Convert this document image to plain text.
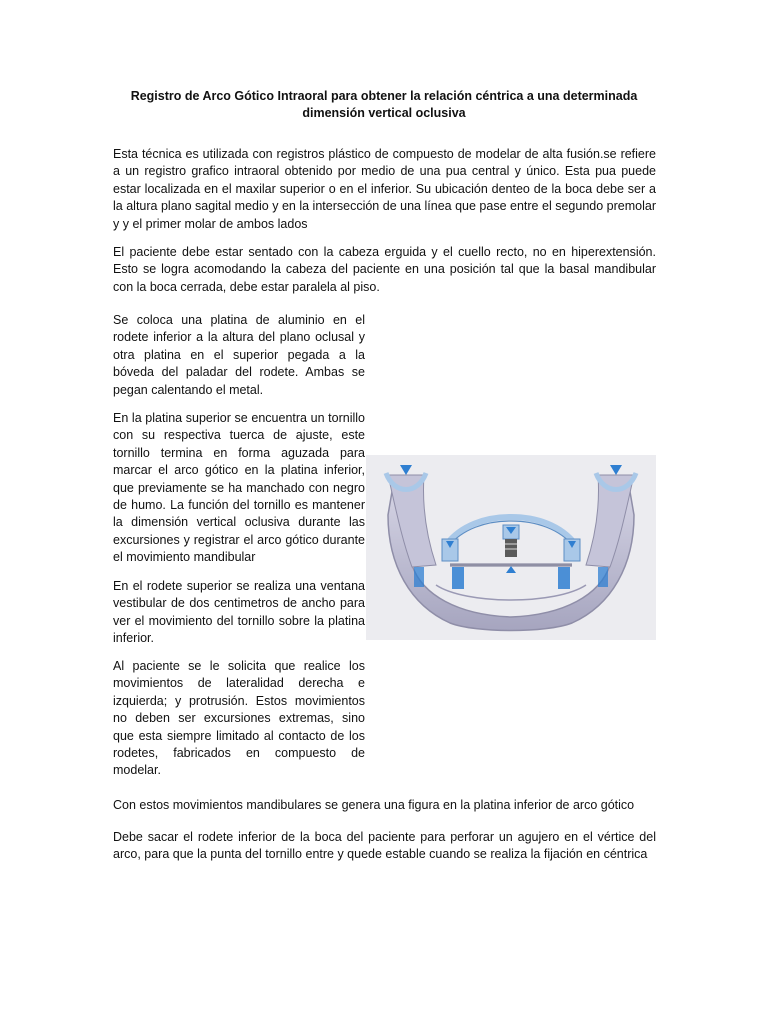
Registro de Arco Gótico Intraoral para obtener la relación céntrica a una determinada dimensión vertical oclusiva

Esta técnica es utilizada con registros plástico de compuesto de modelar de alta fusión.se refiere a un registro grafico intraoral obtenido por medio de una pua central y único. Esta pua puede estar localizada en el maxilar superior o en el inferior. Su ubicación denteo de la boca debe ser a la altura plano sagital medio y en la intersección de una línea que pase entre el segundo premolar y y el primer molar de ambos lados

El paciente debe estar sentado con la cabeza erguida y el cuello recto, no en hiperextensión. Esto se logra acomodando la cabeza del paciente en una posición tal que la basal mandibular con la boca cerrada, debe estar paralela al piso.

Se coloca una platina de aluminio en el rodete inferior a la altura del plano oclusal y otra platina en el superior pegada a la bóveda del paladar del rodete. Ambas se pegan calentando el metal.

En la platina superior se encuentra un tornillo con su respectiva tuerca de ajuste, este tornillo termina en forma aguzada para marcar el arco gótico en la platina inferior, que previamente se ha manchado con negro de humo. La función del tornillo es mantener la dimensión vertical oclusiva durante las excursiones y registrar el arco gótico durante el movimiento mandibular

En el rodete superior se realiza una ventana vestibular de dos centimetros de ancho para ver el movimiento del tornillo sobre la platina inferior.

Al paciente se le solicita que realice los movimientos de lateralidad derecha e izquierda; y protrusión. Estos movimientos no deben ser excursiones extremas, sino que esta siempre limitado al contacto de los rodetes, fabricados en compuesto de modelar.

Con estos movimientos mandibulares se genera una figura en la platina inferior de arco gótico

Debe sacar el rodete inferior de la boca del paciente para perforar un agujero en el vértice del arco, para que la punta del tornillo entre y quede estable cuando se realiza la fijación en céntrica
